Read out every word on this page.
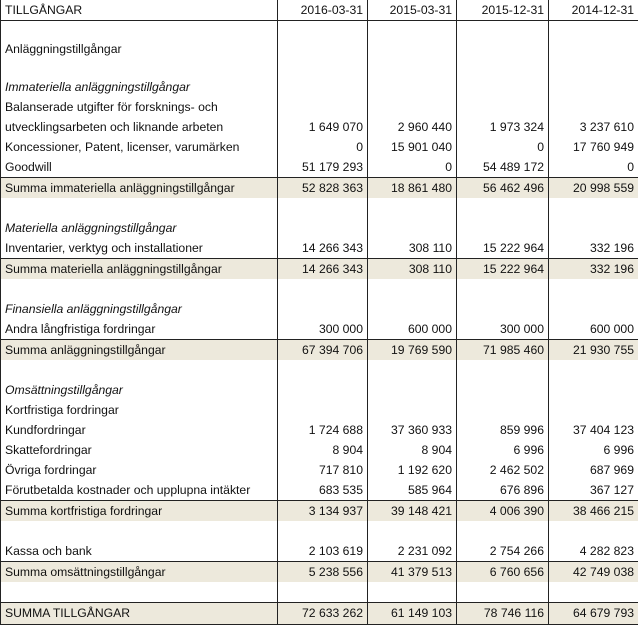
TILLGÅNGAR	2016-03-31	2015-03-31	2015-12-31	2014-12-31

Anläggningstillgångar				

Immateriella anläggningstillgångar				
Balanserade utgifter för forsknings- och				
utvecklingsarbeten och liknande arbeten	1 649 070	2 960 440	1 973 324	3 237 610
Koncessioner, Patent, licenser, varumärken	0	15 901 040	0	17 760 949
Goodwill	51 179 293	0	54 489 172	0
Summa immateriella anläggningstillgångar	52 828 363	18 861 480	56 462 496	20 998 559

Materiella anläggningstillgångar				
Inventarier, verktyg och installationer	14 266 343	308 110	15 222 964	332 196
Summa materiella anläggningstillgångar	14 266 343	308 110	15 222 964	332 196

Finansiella anläggningstillgångar				
Andra långfristiga fordringar	300 000	600 000	300 000	600 000
Summa anläggningstillgångar	67 394 706	19 769 590	71 985 460	21 930 755

Omsättningstillgångar				
Kortfristiga fordringar				
Kundfordringar	1 724 688	37 360 933	859 996	37 404 123
Skattefordringar	8 904	8 904	6 996	6 996
Övriga fordringar	717 810	1 192 620	2 462 502	687 969
Förutbetalda kostnader och upplupna intäkter	683 535	585 964	676 896	367 127
Summa kortfristiga fordringar	3 134 937	39 148 421	4 006 390	38 466 215

Kassa och bank	2 103 619	2 231 092	2 754 266	4 282 823
Summa omsättningstillgångar	5 238 556	41 379 513	6 760 656	42 749 038

SUMMA TILLGÅNGAR	72 633 262	61 149 103	78 746 116	64 679 793
